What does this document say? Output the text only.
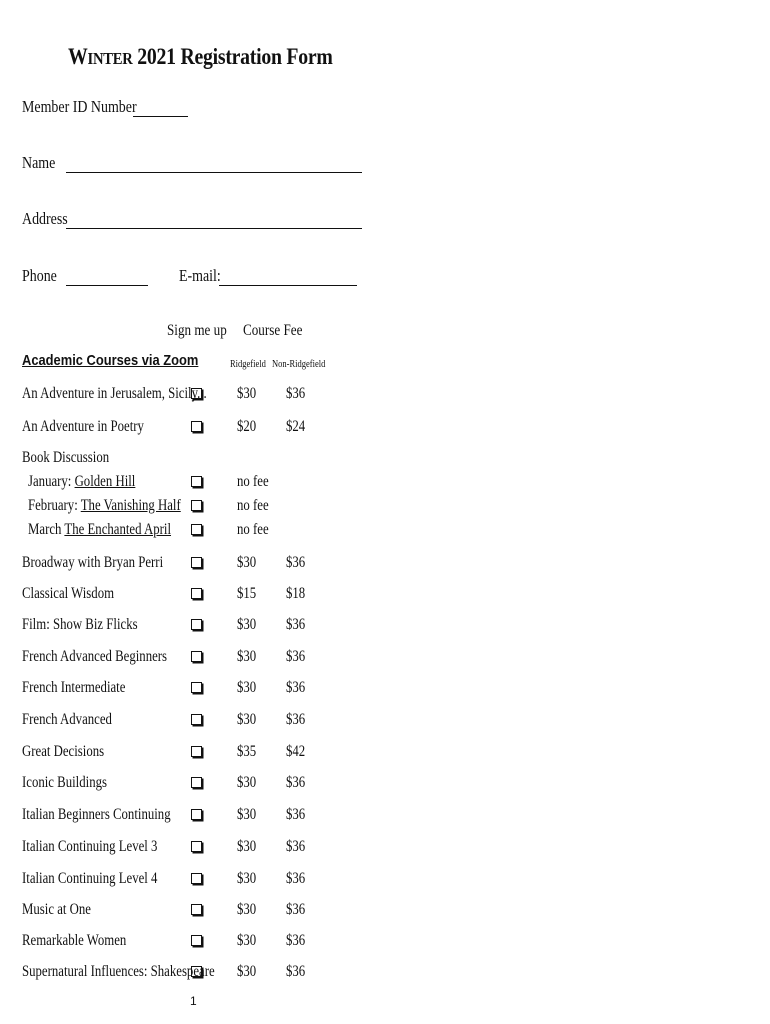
WINTER 2021 Registration Form
Member ID Number
Name
Address
Phone	E-mail:
Sign me up Course Fee
Ridgefield Non-Ridgefield
Academic Courses via Zoom
An Adventure in Jerusalem, Sicily... $30 $36
An Adventure in Poetry	$20 $24
Book Discussion
January: Golden Hill	no fee
February: The Vanishing Half	no fee
March The Enchanted April	no fee
Broadway with Bryan Perri	$30 $36
Classical Wisdom	$15 $18
Film: Show Biz Flicks	$30 $36
French Advanced Beginners	$30 $36
French Intermediate	$30 $36
French Advanced	$30 $36
Great Decisions	$35 $42
Iconic Buildings	$30 $36
Italian Beginners Continuing	$30 $36
Italian Continuing Level 3	$30 $36
Italian Continuing Level 4	$30 $36
Music at One	$30 $36
Remarkable Women	$30 $36
Supernatural Influences: Shakespeare $30 $36
1
